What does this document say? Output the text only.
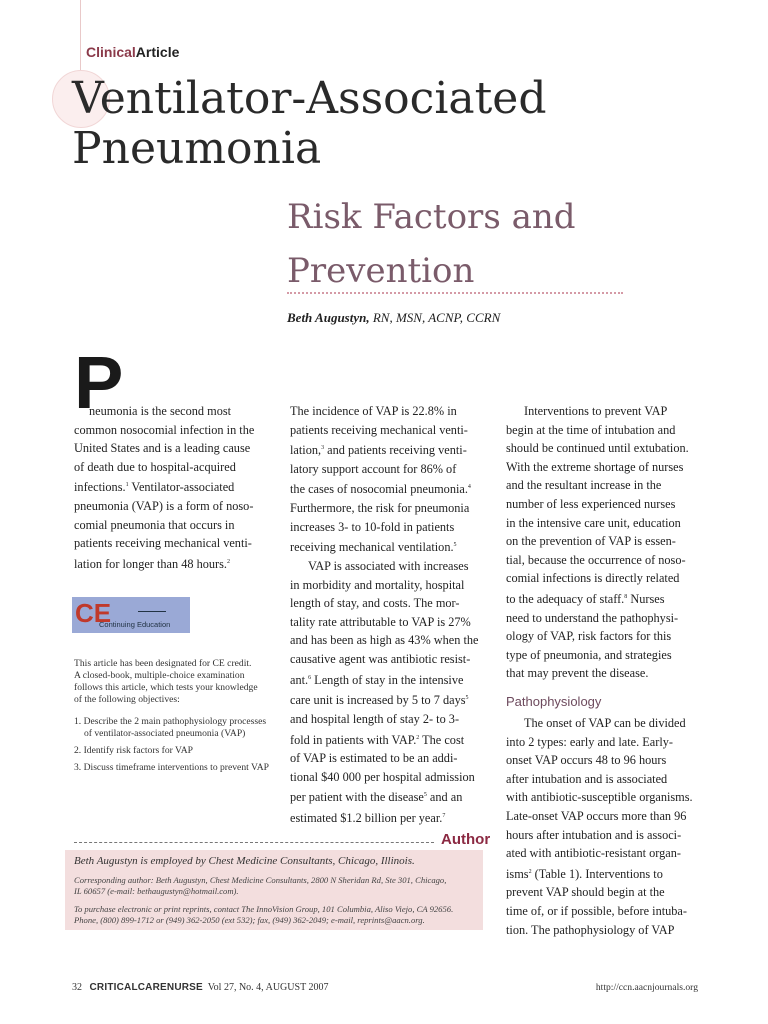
ClinicalArticle
Ventilator-Associated
Pneumonia
Risk Factors and
Prevention
Beth Augustyn, RN, MSN, ACNP, CCRN
P
neumonia is the second most
common nosocomial infection in the
United States and is a leading cause
of death due to hospital-acquired
infections.$^1$ Ventilator-associated
pneumonia (VAP) is a form of noso-
comial pneumonia that occurs in
patients receiving mechanical venti-
lation for longer than 48 hours.$^2$
CE
Continuing Education
This article has been designated for CE credit.
A closed-book, multiple-choice examination
follows this article, which tests your knowledge
of the following objectives:
1. Describe the 2 main pathophysiology processes of ventilator-associated pneumonia (VAP)
2. Identify risk factors for VAP
3. Discuss timeframe interventions to prevent VAP
The incidence of VAP is 22.8% in
patients receiving mechanical venti-
lation,$^3$ and patients receiving venti-
latory support account for 86% of
the cases of nosocomial pneumonia.$^4$
Furthermore, the risk for pneumonia
increases 3- to 10-fold in patients
receiving mechanical ventilation.$^5$
VAP is associated with increases
in morbidity and mortality, hospital
length of stay, and costs. The mor-
tality rate attributable to VAP is 27%
and has been as high as 43% when the
causative agent was antibiotic resist-
ant.$^6$ Length of stay in the intensive
care unit is increased by 5 to 7 days$^5$
and hospital length of stay 2- to 3-
fold in patients with VAP.$^2$ The cost
of VAP is estimated to be an addi-
tional $40 000 per hospital admission
per patient with the disease$^5$ and an
estimated $1.2 billion per year.$^7$
Interventions to prevent VAP
begin at the time of intubation and
should be continued until extubation.
With the extreme shortage of nurses
and the resultant increase in the
number of less experienced nurses
in the intensive care unit, education
on the prevention of VAP is essen-
tial, because the occurrence of noso-
comial infections is directly related
to the adequacy of staff.$^8$ Nurses
need to understand the pathophysi-
ology of VAP, risk factors for this
type of pneumonia, and strategies
that may prevent the disease.
Pathophysiology
The onset of VAP can be divided
into 2 types: early and late. Early-
onset VAP occurs 48 to 96 hours
after intubation and is associated
with antibiotic-susceptible organisms.
Late-onset VAP occurs more than 96
hours after intubation and is associ-
ated with antibiotic-resistant organ-
isms$^2$ (Table 1). Interventions to
prevent VAP should begin at the
time of, or if possible, before intuba-
tion. The pathophysiology of VAP
Author
Beth Augustyn is employed by Chest Medicine Consultants, Chicago, Illinois.
Corresponding author: Beth Augustyn, Chest Medicine Consultants, 2800 N Sheridan Rd, Ste 301, Chicago,
IL 60657 (e-mail: bethaugustyn@hotmail.com).
To purchase electronic or print reprints, contact The InnoVision Group, 101 Columbia, Aliso Viejo, CA 92656.
Phone, (800) 899-1712 or (949) 362-2050 (ext 532); fax, (949) 362-2049; e-mail, reprints@aacn.org.
32 CRITICALCARENURSE Vol 27, No. 4, AUGUST 2007	http://ccn.aacnjournals.org
